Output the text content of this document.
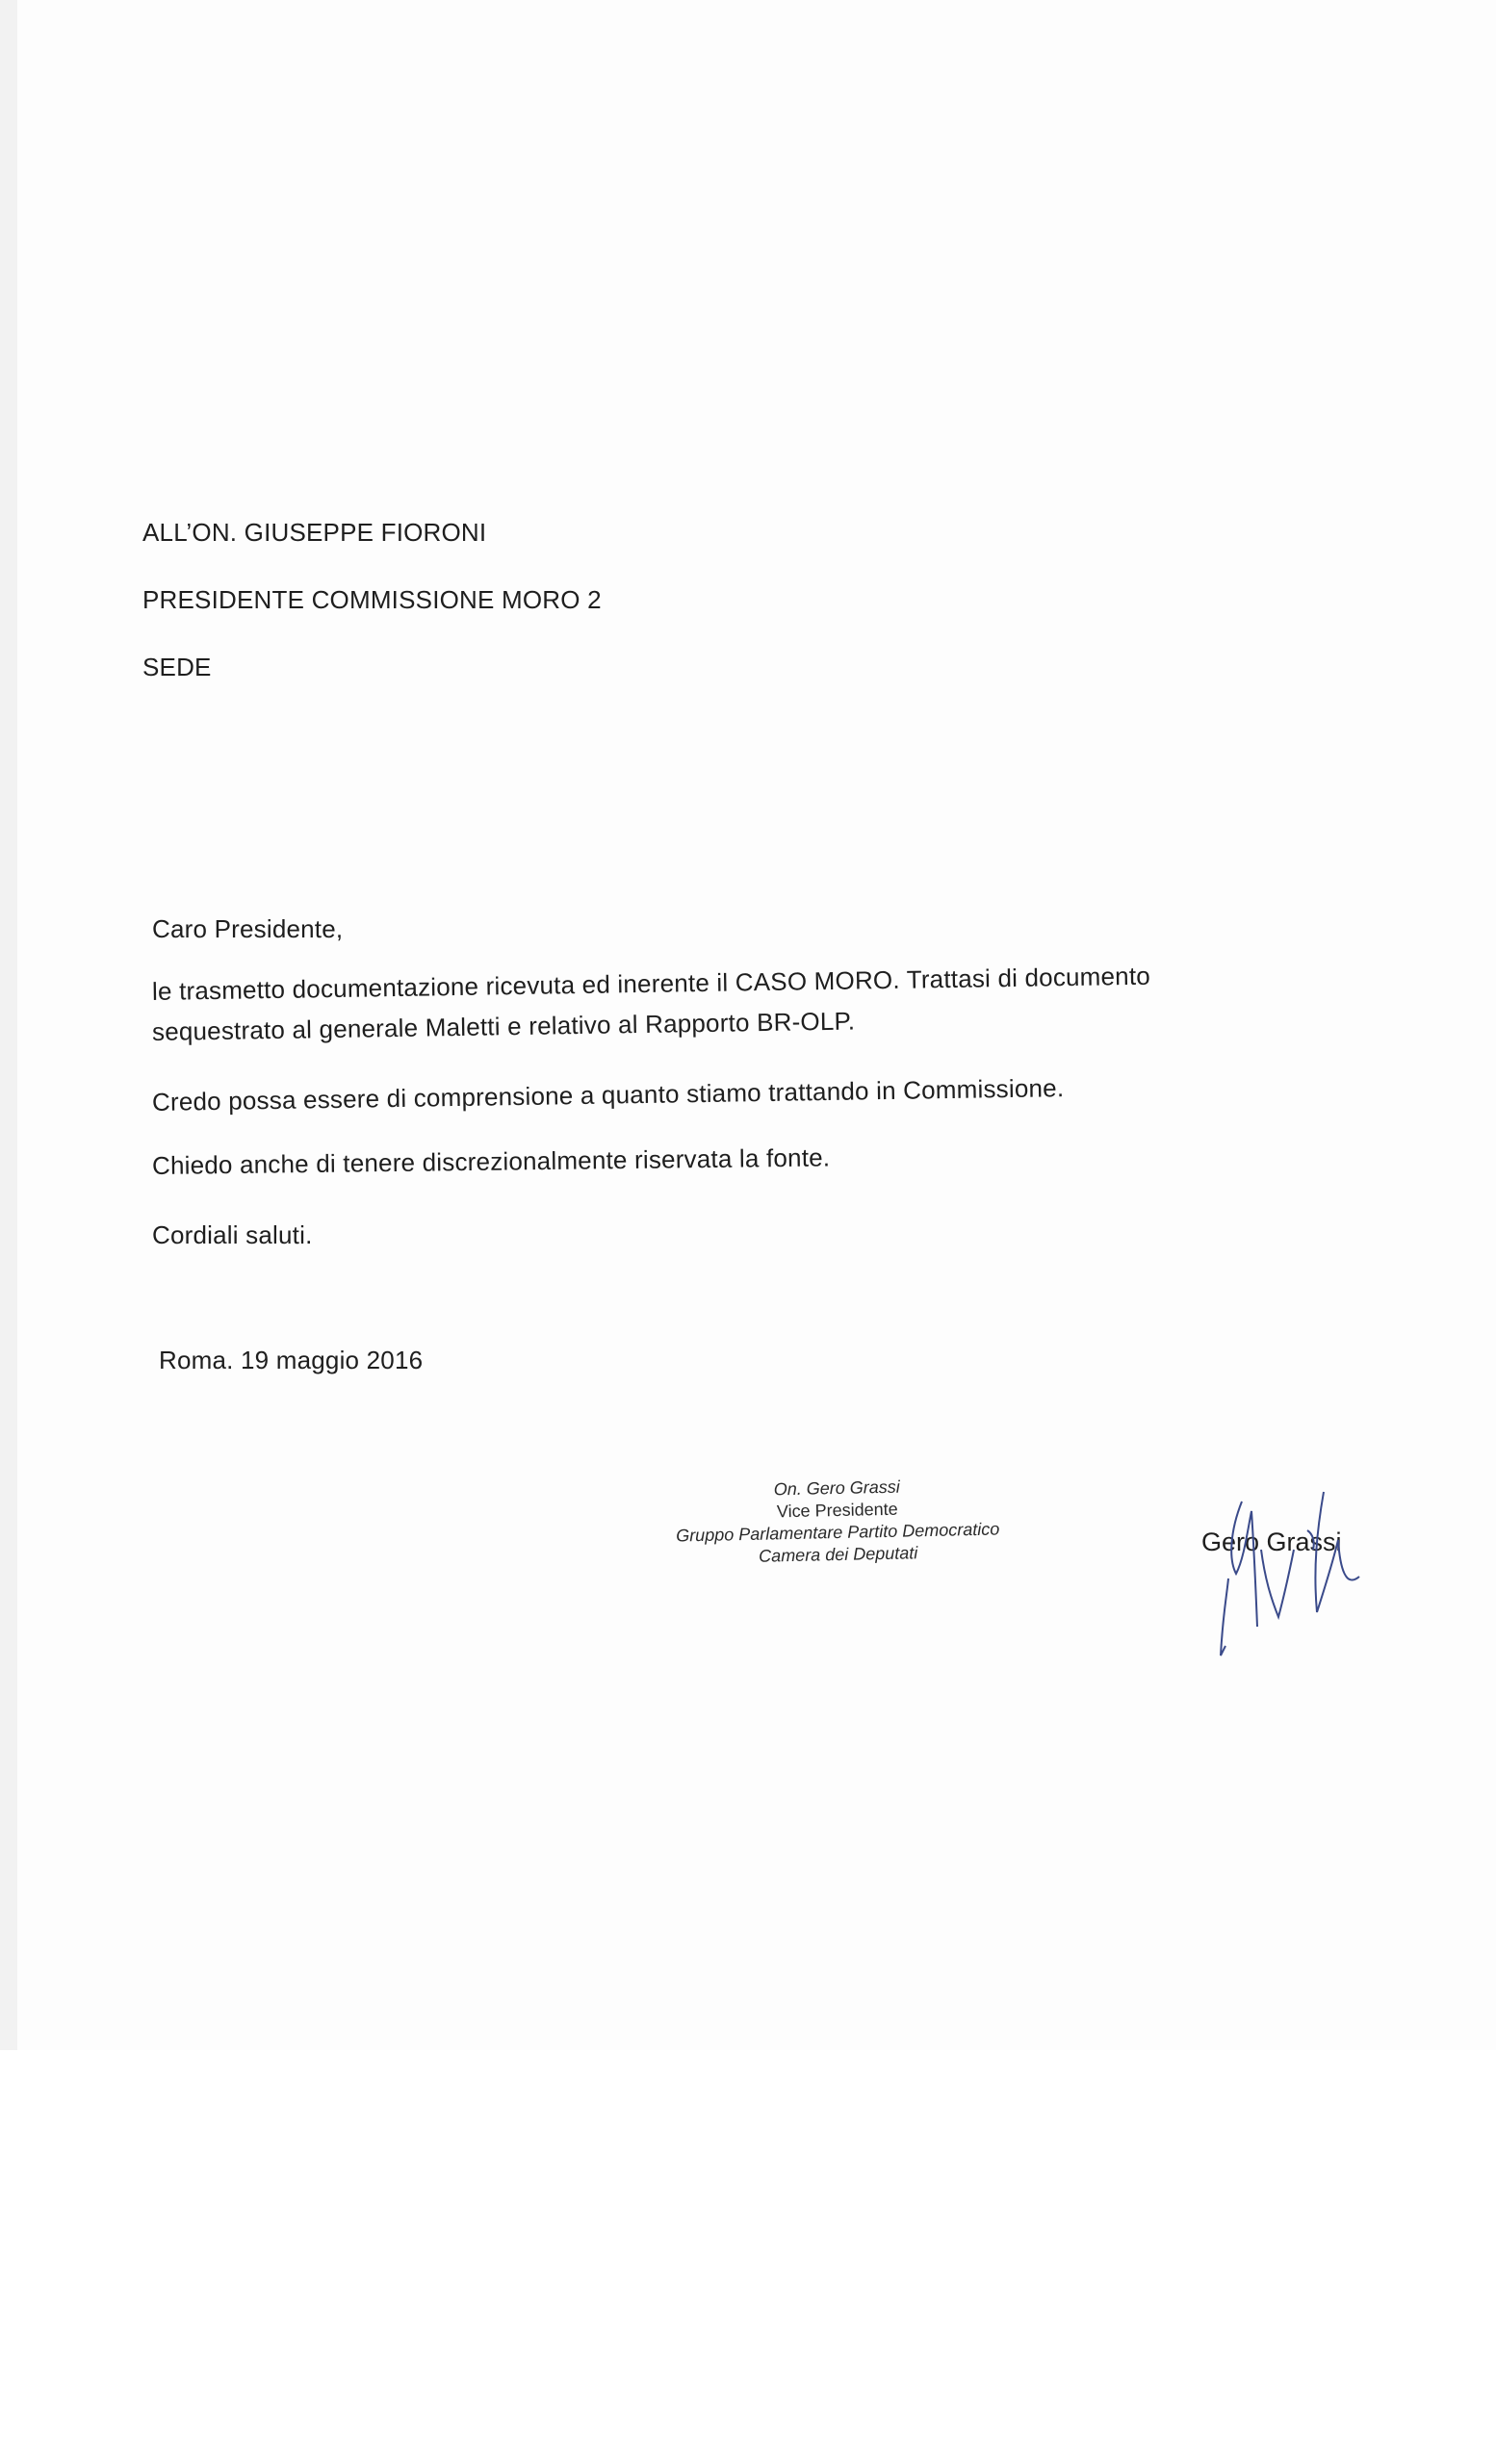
ALL’ON. GIUSEPPE FIORONI
PRESIDENTE COMMISSIONE MORO 2
SEDE
Caro Presidente,
le trasmetto documentazione ricevuta ed inerente il CASO MORO. Trattasi di documento
sequestrato al generale Maletti e relativo al Rapporto BR-OLP.
Credo possa essere di comprensione a quanto stiamo trattando in Commissione.
Chiedo anche di tenere discrezionalmente riservata la fonte.
Cordiali saluti.
Roma. 19 maggio 2016
On. Gero Grassi
Vice Presidente
Gruppo Parlamentare Partito Democratico
Camera dei Deputati	Gero Grassi
